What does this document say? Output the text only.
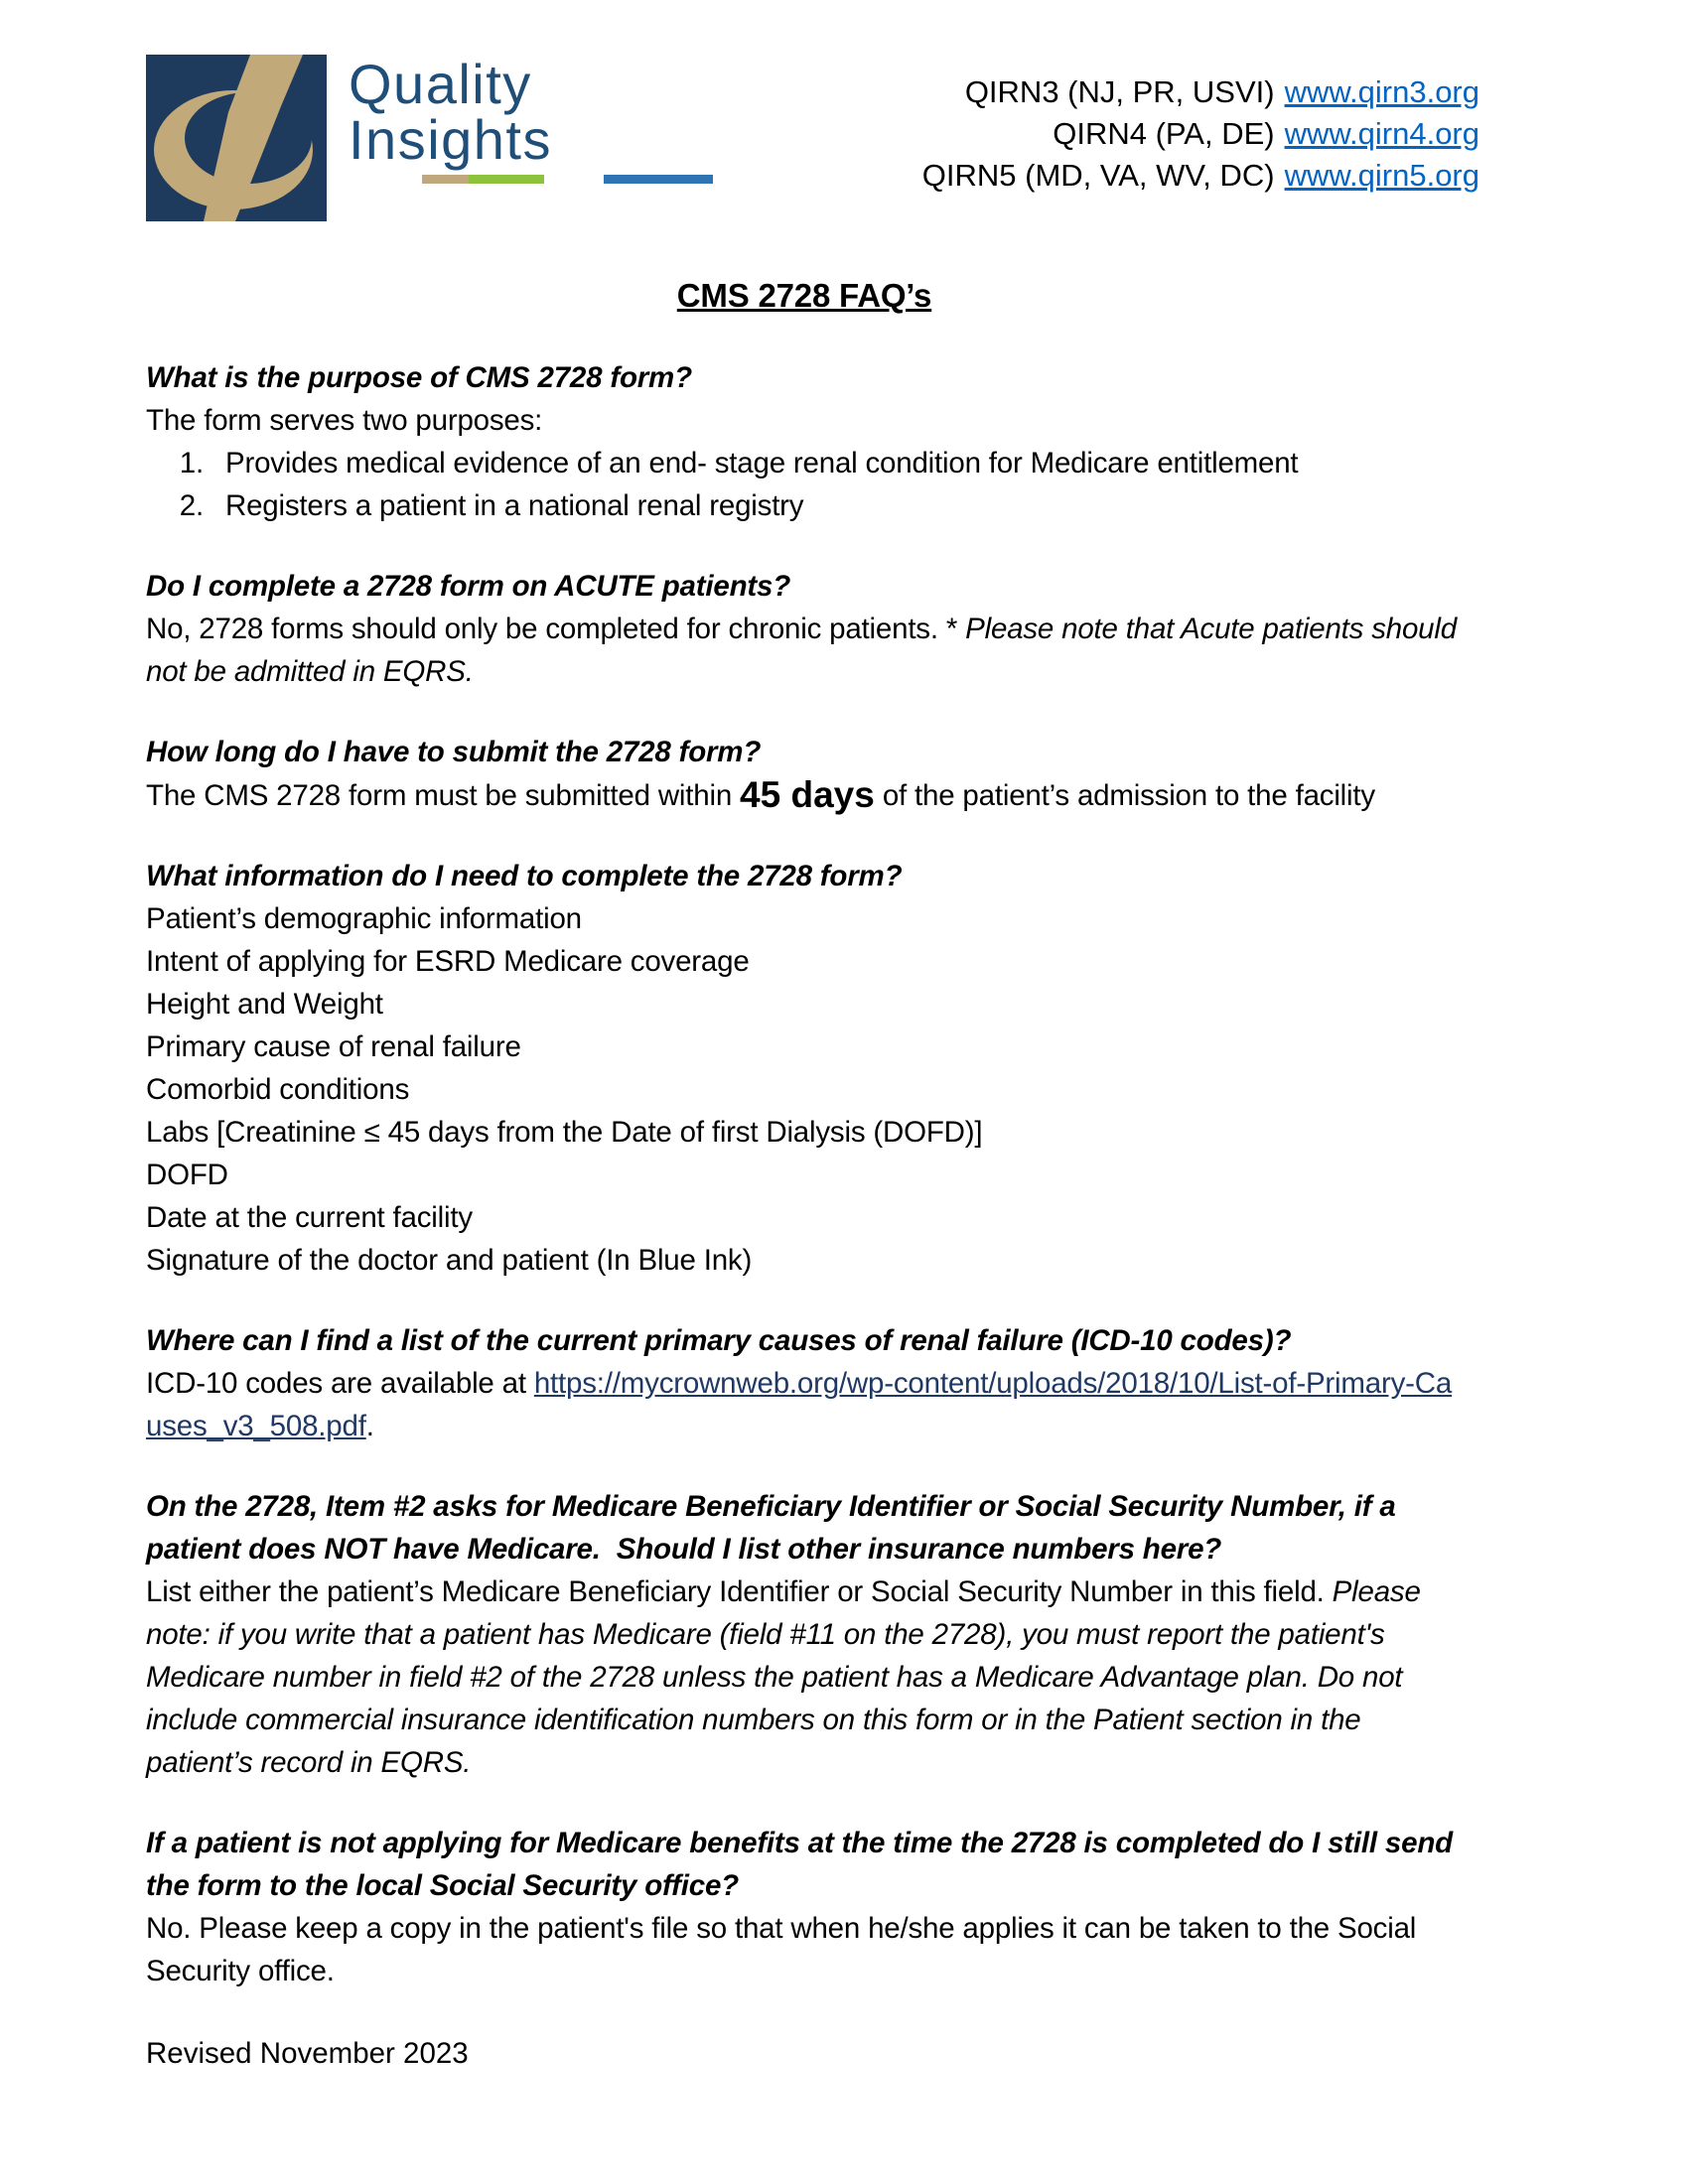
Quality
Insights
QIRN3 (NJ, PR, USVI) www.qirn3.org
QIRN4 (PA, DE) www.qirn4.org
QIRN5 (MD, VA, WV, DC) www.qirn5.org
CMS 2728 FAQ’s

What is the purpose of CMS 2728 form?

The form serves two purposes:

1. Provides medical evidence of an end- stage renal condition for Medicare entitlement
2. Registers a patient in a national renal registry

Do I complete a 2728 form on ACUTE patients?

No, 2728 forms should only be completed for chronic patients. * Please note that Acute patients should not be admitted in EQRS.

How long do I have to submit the 2728 form?

The CMS 2728 form must be submitted within 45 days of the patient’s admission to the facility

What information do I need to complete the 2728 form?

Patient’s demographic information

Intent of applying for ESRD Medicare coverage

Height and Weight

Primary cause of renal failure

Comorbid conditions

Labs [Creatinine ≤ 45 days from the Date of first Dialysis (DOFD)]

DOFD

Date at the current facility

Signature of the doctor and patient (In Blue Ink)

Where can I find a list of the current primary causes of renal failure (ICD-10 codes)?

ICD-10 codes are available at https://mycrownweb.org/wp-content/uploads/2018/10/List-of-Primary-Causes_v3_508.pdf.

On the 2728, Item #2 asks for Medicare Beneficiary Identifier or Social Security Number, if a patient does NOT have Medicare.  Should I list other insurance numbers here?

List either the patient’s Medicare Beneficiary Identifier or Social Security Number in this field. Please note: if you write that a patient has Medicare (field #11 on the 2728), you must report the patient's Medicare number in field #2 of the 2728 unless the patient has a Medicare Advantage plan. Do not include commercial insurance identification numbers on this form or in the Patient section in the patient’s record in EQRS.

If a patient is not applying for Medicare benefits at the time the 2728 is completed do I still send the form to the local Social Security office?

No. Please keep a copy in the patient's file so that when he/she applies it can be taken to the Social Security office.

Revised November 2023
